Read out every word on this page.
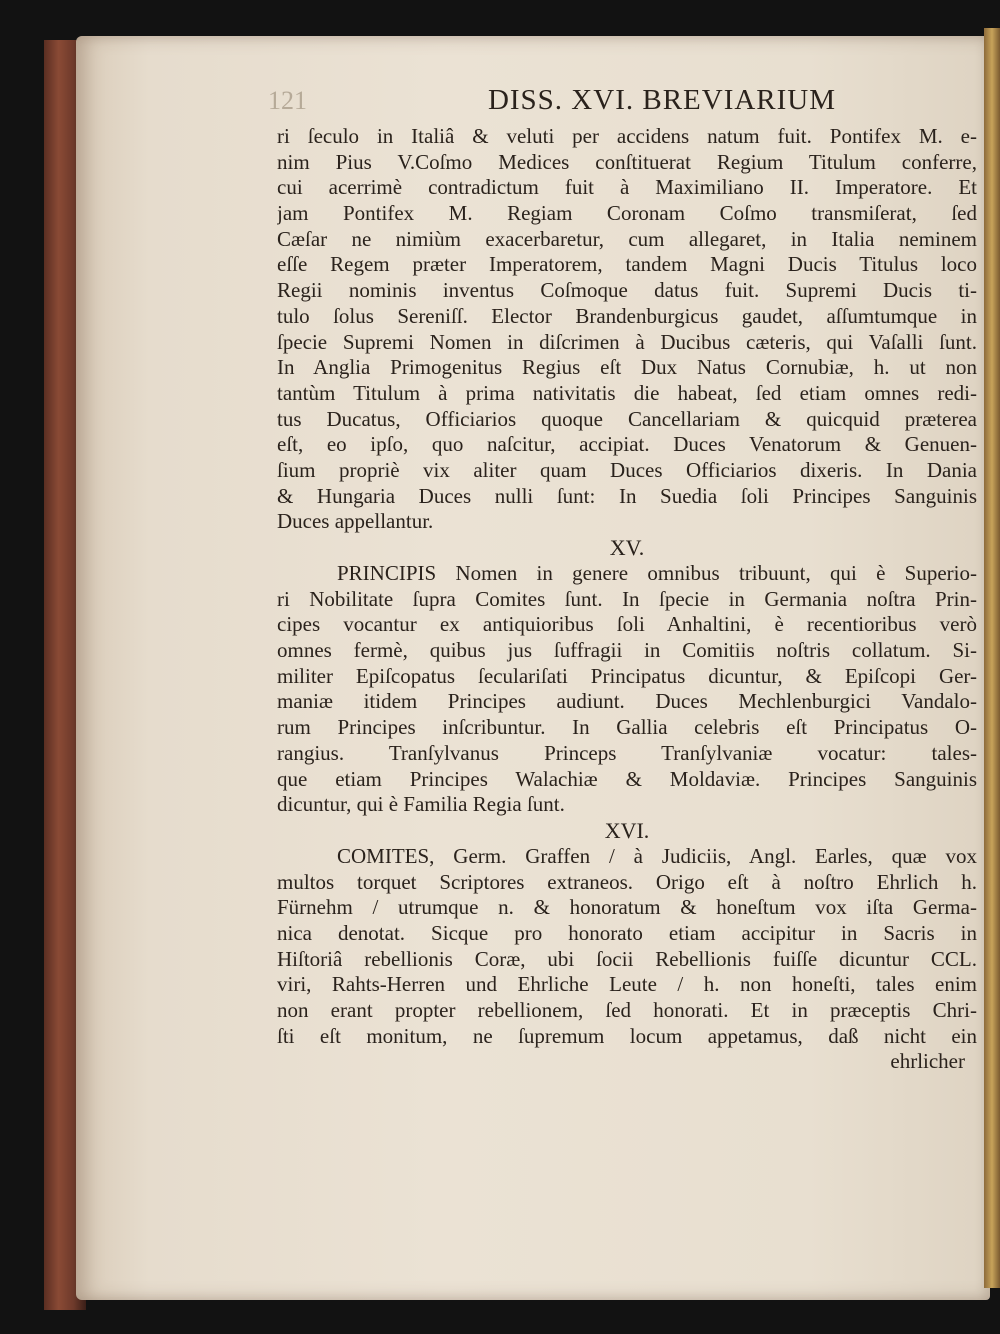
121	DISS. XVI. BREVIARIUM
ri ſeculo in Italiâ & veluti per accidens natum fuit. Pontifex M. e-
nim Pius V.Coſmo Medices conſtituerat Regium Titulum conferre,
cui acerrimè contradictum fuit à Maximiliano II. Imperatore. Et
jam Pontifex M. Regiam Coronam Coſmo transmiſerat, ſed
Cæſar ne nimiùm exacerbaretur, cum allegaret, in Italia neminem
eſſe Regem præter Imperatorem, tandem Magni Ducis Titulus loco
Regii nominis inventus Coſmoque datus fuit. Supremi Ducis ti-
tulo ſolus Sereniſſ. Elector Brandenburgicus gaudet, aſſumtumque in
ſpecie Supremi Nomen in diſcrimen à Ducibus cæteris, qui Vaſalli ſunt.
In Anglia Primogenitus Regius eſt Dux Natus Cornubiæ, h. ut non
tantùm Titulum à prima nativitatis die habeat, ſed etiam omnes redi-
tus Ducatus, Officiarios quoque Cancellariam & quicquid præterea
eſt, eo ipſo, quo naſcitur, accipiat. Duces Venatorum & Genuen-
ſium propriè vix aliter quam Duces Officiarios dixeris. In Dania
& Hungaria Duces nulli ſunt: In Suedia ſoli Principes Sanguinis
Duces appellantur.
XV.
PRINCIPIS Nomen in genere omnibus tribuunt, qui è Superio-
ri Nobilitate ſupra Comites ſunt. In ſpecie in Germania noſtra Prin-
cipes vocantur ex antiquioribus ſoli Anhaltini, è recentioribus verò
omnes fermè, quibus jus ſuffragii in Comitiis noſtris collatum. Si-
militer Epiſcopatus ſeculariſati Principatus dicuntur, & Epiſcopi Ger-
maniæ itidem Principes audiunt. Duces Mechlenburgici Vandalo-
rum Principes inſcribuntur. In Gallia celebris eſt Principatus O-
rangius. Tranſylvanus Princeps Tranſylvaniæ vocatur: tales-
que etiam Principes Walachiæ & Moldaviæ. Principes Sanguinis
dicuntur, qui è Familia Regia ſunt.
XVI.
COMITES, Germ. Graffen / à Judiciis, Angl. Earles, quæ vox
multos torquet Scriptores extraneos. Origo eſt à noſtro Ehrlich h.
Fürnehm / utrumque n. & honoratum & honeſtum vox iſta Germa-
nica denotat. Sicque pro honorato etiam accipitur in Sacris in
Hiſtoriâ rebellionis Coræ, ubi ſocii Rebellionis fuiſſe dicuntur CCL.
viri, Rahts-Herren und Ehrliche Leute / h. non honeſti, tales enim
non erant propter rebellionem, ſed honorati. Et in præceptis Chri-
ſti eſt monitum, ne ſupremum locum appetamus, daß nicht ein
ehrlicher
